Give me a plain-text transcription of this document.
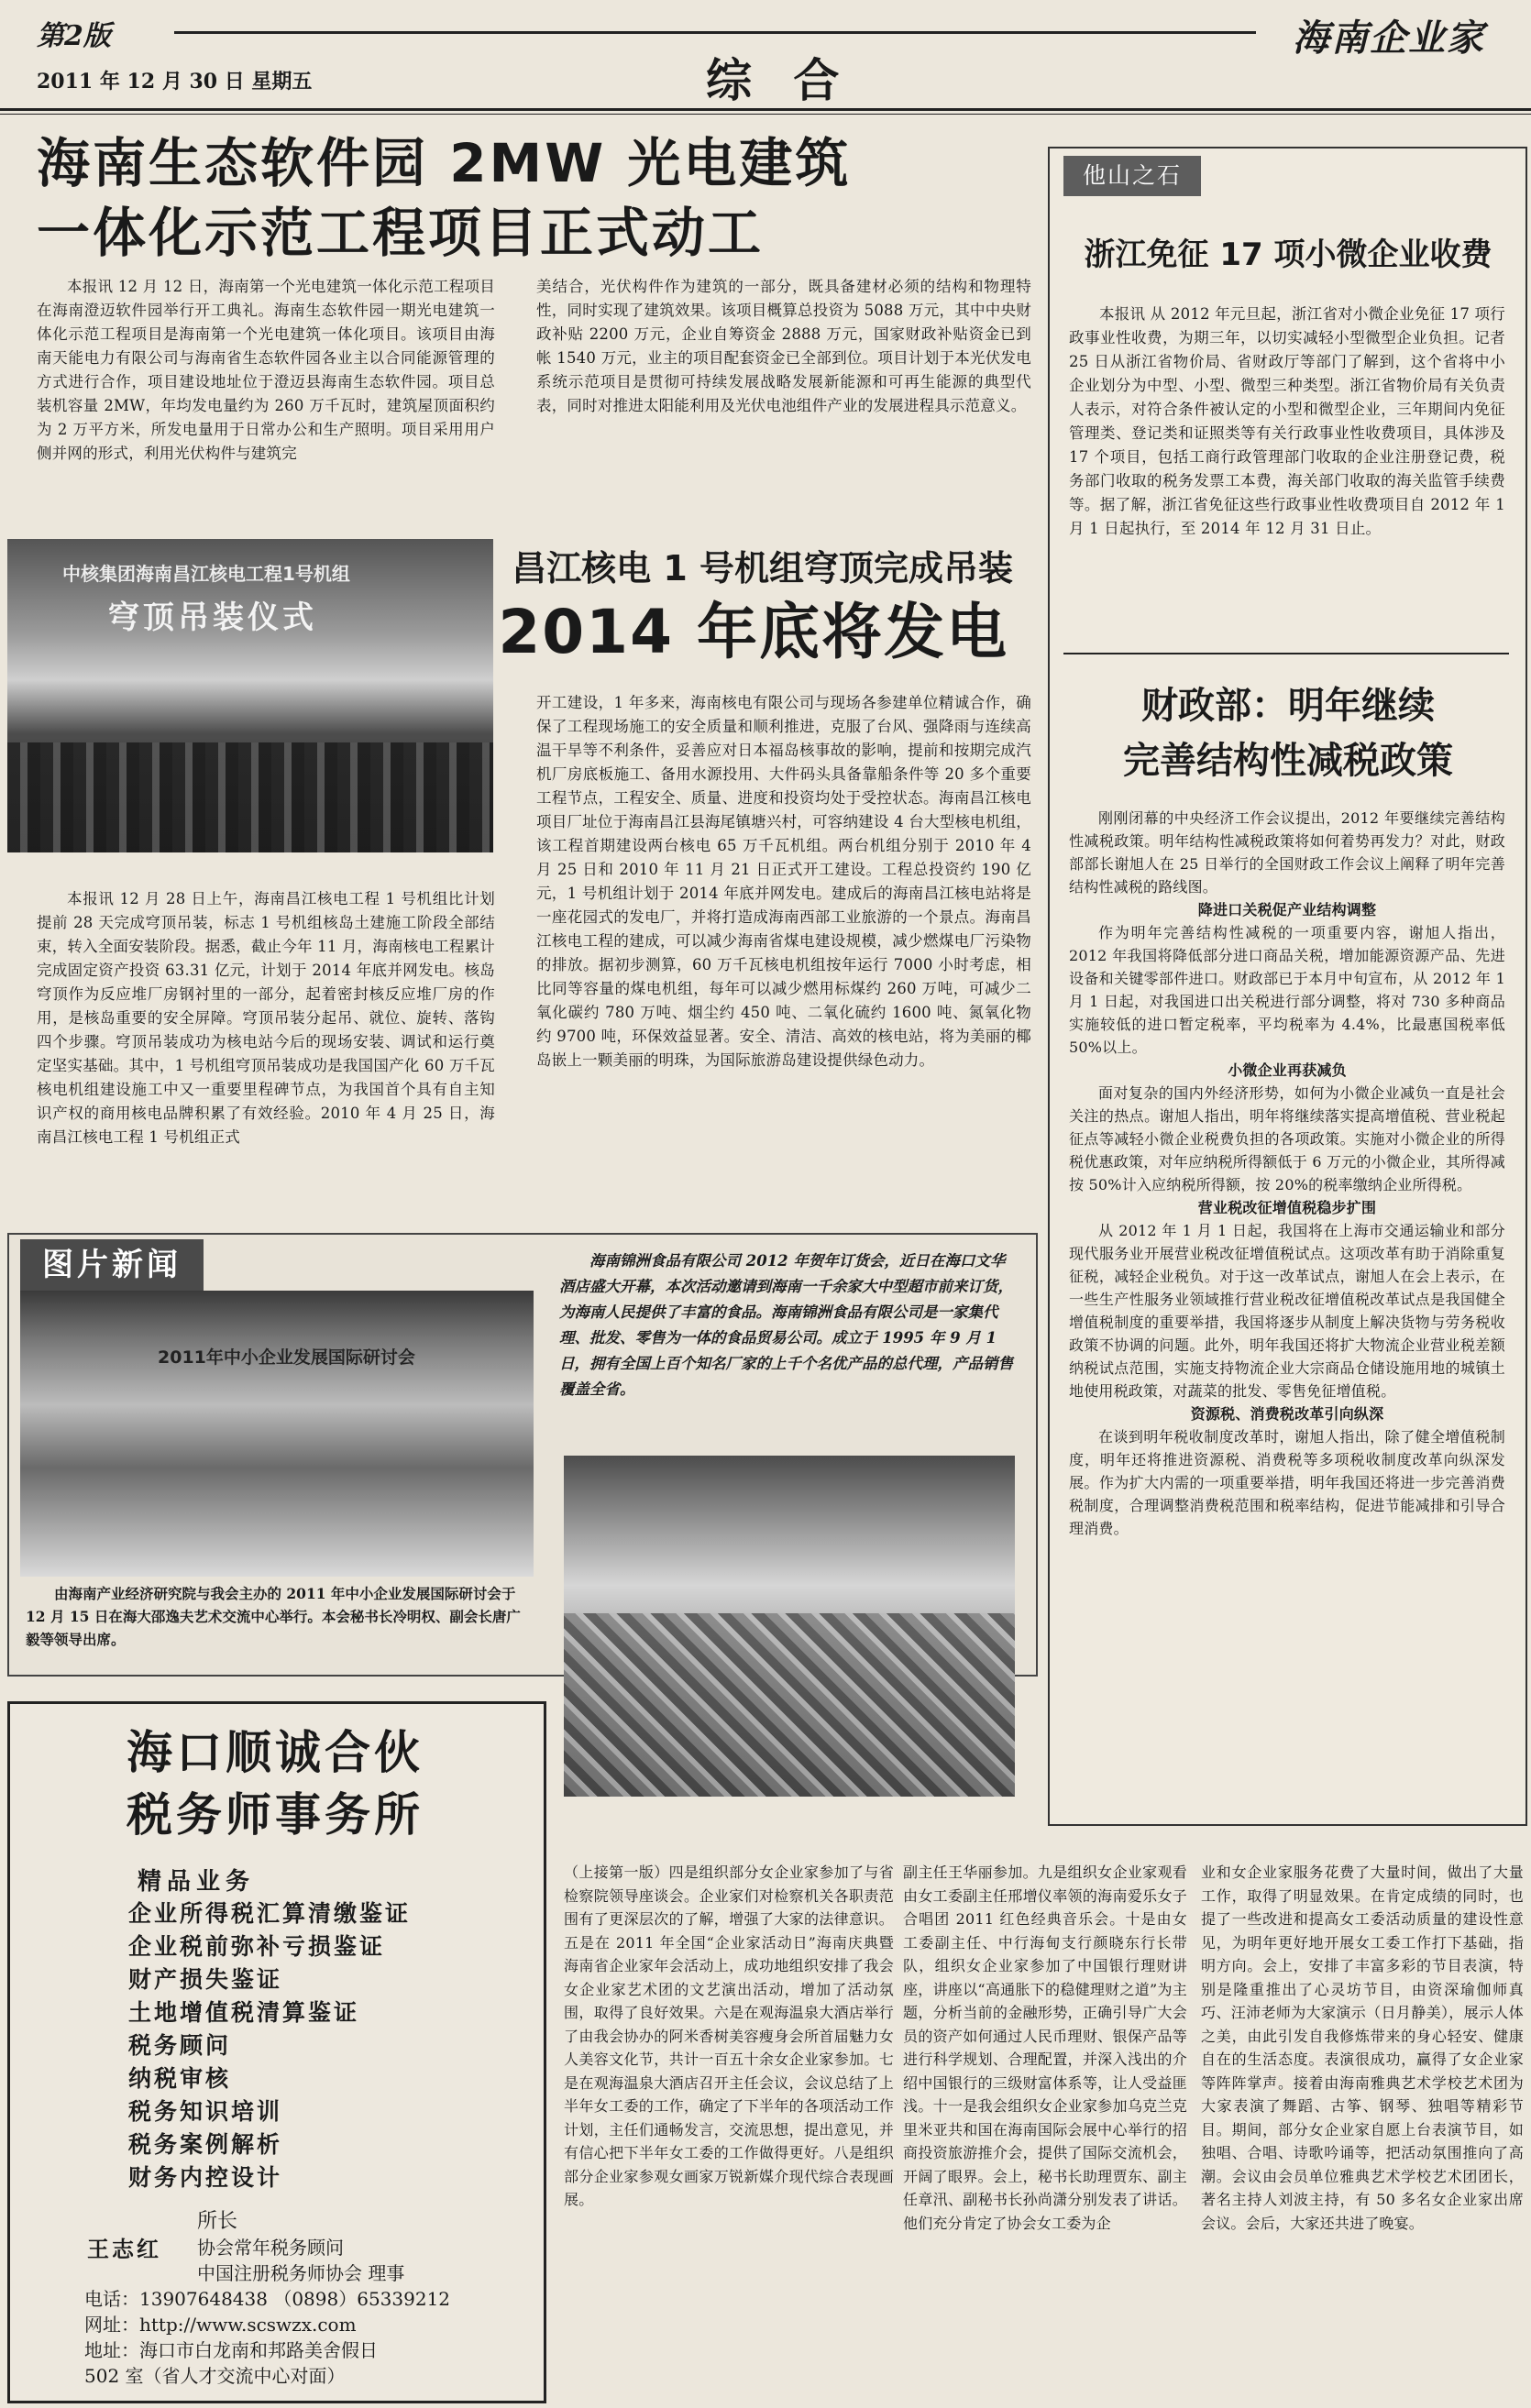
第2版	海南企业家
2011 年 12 月 30 日 星期五	综 合
海南生态软件园 2MW 光电建筑
一体化示范工程项目正式动工

本报讯 12 月 12 日，海南第一个光电建筑一体化示范工程项目在海南澄迈软件园举行开工典礼。海南生态软件园一期光电建筑一体化示范工程项目是海南第一个光电建筑一体化项目。该项目由海南天能电力有限公司与海南省生态软件园各业主以合同能源管理的方式进行合作，项目建设地址位于澄迈县海南生态软件园。项目总装机容量 2MW，年均发电量约为 260 万千瓦时，建筑屋顶面积约为 2 万平方米，所发电量用于日常办公和生产照明。项目采用用户侧并网的形式，利用光伏构件与建筑完

美结合，光伏构件作为建筑的一部分，既具备建材必须的结构和物理特性，同时实现了建筑效果。该项目概算总投资为 5088 万元，其中中央财政补贴 2200 万元，企业自筹资金 2888 万元，国家财政补贴资金已到帐 1540 万元，业主的项目配套资金已全部到位。项目计划于本光伏发电系统示范项目是贯彻可持续发展战略发展新能源和可再生能源的典型代表，同时对推进太阳能利用及光伏电池组件产业的发展进程具示范意义。

中核集团海南昌江核电工程1号机组
穹顶吊装仪式
昌江核电 1 号机组穹顶完成吊装
2014 年底将发电

本报讯 12 月 28 日上午，海南昌江核电工程 1 号机组比计划提前 28 天完成穹顶吊装，标志 1 号机组核岛土建施工阶段全部结束，转入全面安装阶段。据悉，截止今年 11 月，海南核电工程累计完成固定资产投资 63.31 亿元，计划于 2014 年底并网发电。核岛穹顶作为反应堆厂房钢衬里的一部分，起着密封核反应堆厂房的作用，是核岛重要的安全屏障。穹顶吊装分起吊、就位、旋转、落钩四个步骤。穹顶吊装成功为核电站今后的现场安装、调试和运行奠定坚实基础。其中，1 号机组穹顶吊装成功是我国国产化 60 万千瓦核电机组建设施工中又一重要里程碑节点，为我国首个具有自主知识产权的商用核电品牌积累了有效经验。2010 年 4 月 25 日，海南昌江核电工程 1 号机组正式

开工建设，1 年多来，海南核电有限公司与现场各参建单位精诚合作，确保了工程现场施工的安全质量和顺利推进，克服了台风、强降雨与连续高温干旱等不利条件，妥善应对日本福岛核事故的影响，提前和按期完成汽机厂房底板施工、备用水源投用、大件码头具备靠船条件等 20 多个重要工程节点，工程安全、质量、进度和投资均处于受控状态。海南昌江核电项目厂址位于海南昌江县海尾镇塘兴村，可容纳建设 4 台大型核电机组，该工程首期建设两台核电 65 万千瓦机组。两台机组分别于 2010 年 4 月 25 日和 2010 年 11 月 21 日正式开工建设。工程总投资约 190 亿元，1 号机组计划于 2014 年底并网发电。建成后的海南昌江核电站将是一座花园式的发电厂，并将打造成海南西部工业旅游的一个景点。海南昌江核电工程的建成，可以减少海南省煤电建设规模，减少燃煤电厂污染物的排放。据初步测算，60 万千瓦核电机组按年运行 7000 小时考虑，相比同等容量的煤电机组，每年可以减少燃用标煤约 260 万吨，可减少二氧化碳约 780 万吨、烟尘约 450 吨、二氧化硫约 1600 吨、氮氧化物约 9700 吨，环保效益显著。安全、清洁、高效的核电站，将为美丽的椰岛嵌上一颗美丽的明珠，为国际旅游岛建设提供绿色动力。

他山之石
浙江免征 17 项小微企业收费

本报讯 从 2012 年元旦起，浙江省对小微企业免征 17 项行政事业性收费，为期三年，以切实减轻小型微型企业负担。记者 25 日从浙江省物价局、省财政厅等部门了解到，这个省将中小企业划分为中型、小型、微型三种类型。浙江省物价局有关负责人表示，对符合条件被认定的小型和微型企业，三年期间内免征管理类、登记类和证照类等有关行政事业性收费项目，具体涉及 17 个项目，包括工商行政管理部门收取的企业注册登记费，税务部门收取的税务发票工本费，海关部门收取的海关监管手续费等。据了解，浙江省免征这些行政事业性收费项目自 2012 年 1 月 1 日起执行，至 2014 年 12 月 31 日止。

财政部：明年继续
完善结构性减税政策

刚刚闭幕的中央经济工作会议提出，2012 年要继续完善结构性减税政策。明年结构性减税政策将如何着势再发力？对此，财政部部长谢旭人在 25 日举行的全国财政工作会议上阐释了明年完善结构性减税的路线图。

降进口关税促产业结构调整

作为明年完善结构性减税的一项重要内容，谢旭人指出，2012 年我国将降低部分进口商品关税，增加能源资源产品、先进设备和关键零部件进口。财政部已于本月中旬宣布，从 2012 年 1 月 1 日起，对我国进口出关税进行部分调整，将对 730 多种商品实施较低的进口暂定税率，平均税率为 4.4%，比最惠国税率低 50%以上。

小微企业再获减负

面对复杂的国内外经济形势，如何为小微企业减负一直是社会关注的热点。谢旭人指出，明年将继续落实提高增值税、营业税起征点等减轻小微企业税费负担的各项政策。实施对小微企业的所得税优惠政策，对年应纳税所得额低于 6 万元的小微企业，其所得减按 50%计入应纳税所得额，按 20%的税率缴纳企业所得税。

营业税改征增值税稳步扩围

从 2012 年 1 月 1 日起，我国将在上海市交通运输业和部分现代服务业开展营业税改征增值税试点。这项改革有助于消除重复征税，减轻企业税负。对于这一改革试点，谢旭人在会上表示，在一些生产性服务业领域推行营业税改征增值税改革试点是我国健全增值税制度的重要举措，我国将逐步从制度上解决货物与劳务税收政策不协调的问题。此外，明年我国还将扩大物流企业营业税差额纳税试点范围，实施支持物流企业大宗商品仓储设施用地的城镇土地使用税政策，对蔬菜的批发、零售免征增值税。

资源税、消费税改革引向纵深

在谈到明年税收制度改革时，谢旭人指出，除了健全增值税制度，明年还将推进资源税、消费税等多项税收制度改革向纵深发展。作为扩大内需的一项重要举措，明年我国还将进一步完善消费税制度，合理调整消费税范围和税率结构，促进节能减排和引导合理消费。

图片新闻
2011年中小企业发展国际研讨会
由海南产业经济研究院与我会主办的 2011 年中小企业发展国际研讨会于 12 月 15 日在海大邵逸夫艺术交流中心举行。本会秘书长冷明权、副会长唐广毅等领导出席。
海南锦洲食品有限公司 2012 年贺年订货会，近日在海口文华酒店盛大开幕，本次活动邀请到海南一千余家大中型超市前来订货，为海南人民提供了丰富的食品。海南锦洲食品有限公司是一家集代理、批发、零售为一体的食品贸易公司。成立于 1995 年 9 月 1 日，拥有全国上百个知名厂家的上千个名优产品的总代理，产品销售覆盖全省。
海口顺诚合伙
税务师事务所
精品业务
企业所得税汇算清缴鉴证
企业税前弥补亏损鉴证
财产损失鉴证
土地增值税清算鉴证
税务顾问
纳税审核
税务知识培训
税务案例解析
财务内控设计
所长
王志红 协会常年税务顾问
中国注册税务师协会 理事
电话：13907648438 （0898）65339212
网址：http://www.scswzx.com
地址：海口市白龙南和邦路美舍假日
502 室（省人才交流中心对面）

（上接第一版）四是组织部分女企业家参加了与省检察院领导座谈会。企业家们对检察机关各职责范围有了更深层次的了解，增强了大家的法律意识。五是在 2011 年全国“企业家活动日”海南庆典暨海南省企业家年会活动上，成功地组织安排了我会女企业家艺术团的文艺演出活动，增加了活动氛围，取得了良好效果。六是在观海温泉大酒店举行了由我会协办的阿米香树美容瘦身会所首届魅力女人美容文化节，共计一百五十余女企业家参加。七是在观海温泉大酒店召开主任会议，会议总结了上半年女工委的工作，确定了下半年的各项活动工作计划，主任们通畅发言，交流思想，提出意见，并有信心把下半年女工委的工作做得更好。八是组织部分企业家参观女画家万锐新媒介现代综合表现画展。

副主任王华丽参加。九是组织女企业家观看由女工委副主任邢增仪率领的海南爱乐女子合唱团 2011 红色经典音乐会。十是由女工委副主任、中行海甸支行颜晓东行长带队，组织女企业家参加了中国银行理财讲座，讲座以“高通胀下的稳健理财之道”为主题，分析当前的金融形势，正确引导广大会员的资产如何通过人民币理财、银保产品等进行科学规划、合理配置，并深入浅出的介绍中国银行的三级财富体系等，让人受益匪浅。十一是我会组织女企业家参加乌克兰克里米亚共和国在海南国际会展中心举行的招商投资旅游推介会，提供了国际交流机会，开阔了眼界。会上，秘书长助理贾东、副主任章汛、副秘书长孙尚潇分别发表了讲话。他们充分肯定了协会女工委为企

业和女企业家服务花费了大量时间，做出了大量工作，取得了明显效果。在肯定成绩的同时，也提了一些改进和提高女工委活动质量的建设性意见，为明年更好地开展女工委工作打下基础，指明方向。会上，安排了丰富多彩的节目表演，特别是隆重推出了心灵坊节目，由资深瑜伽师真巧、汪沛老师为大家演示（日月静美），展示人体之美，由此引发自我修炼带来的身心轻安、健康自在的生活态度。表演很成功，赢得了女企业家等阵阵掌声。接着由海南雅典艺术学校艺术团为大家表演了舞蹈、古筝、钢琴、独唱等精彩节目。期间，部分女企业家自愿上台表演节目，如独唱、合唱、诗歌吟诵等，把活动氛围推向了高潮。会议由会员单位雅典艺术学校艺术团团长，著名主持人刘波主持，有 50 多名女企业家出席会议。会后，大家还共进了晚宴。
